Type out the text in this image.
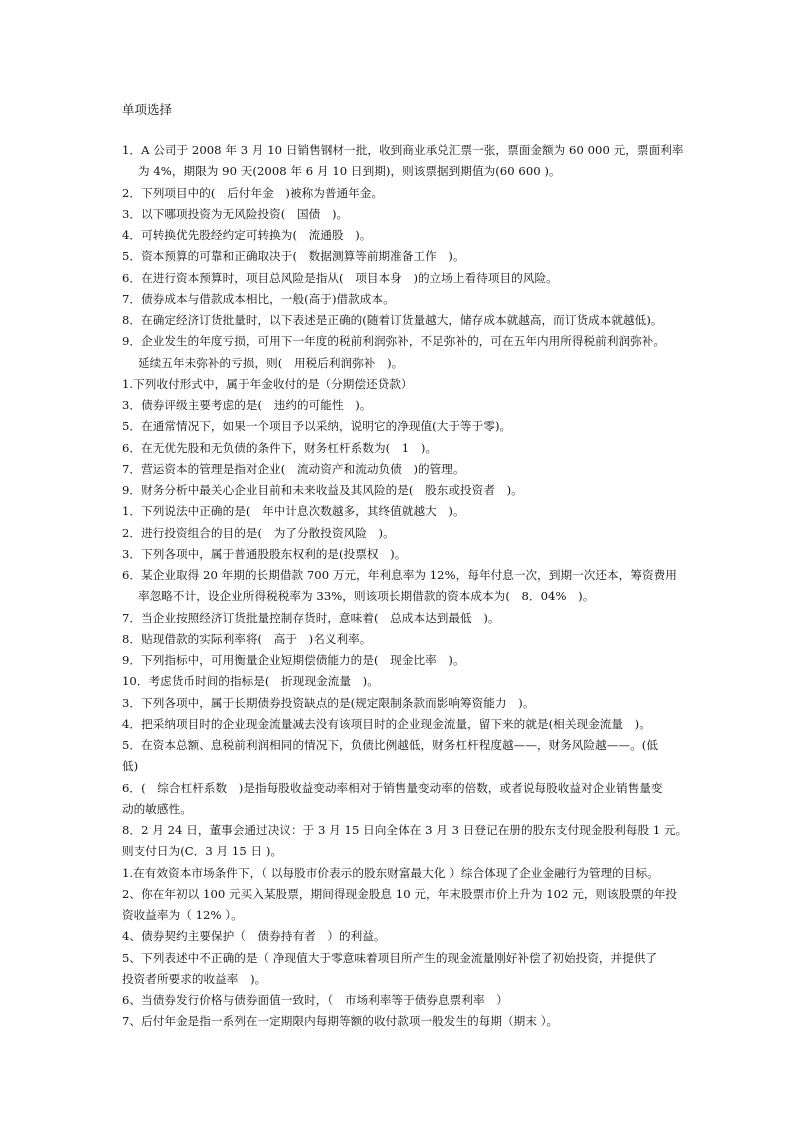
单项选择
1．A 公司于 2008 年 3 月 10 日销售钢材一批，收到商业承兑汇票一张，票面金额为 60 000 元，票面利率
为 4%，期限为 90 天(2008 年 6 月 10 日到期)，则该票据到期值为(60 600 )。
2．下列项目中的(　后付年金　)被称为普通年金。
3．以下哪项投资为无风险投资(　国债　)。
4．可转换优先股经约定可转换为(　流通股　)。
5．资本预算的可靠和正确取决于(　数据测算等前期准备工作　)。
6．在进行资本预算时，项目总风险是指从(　项目本身　)的立场上看待项目的风险。
7．债券成本与借款成本相比，一般(高于)借款成本。
8．在确定经济订货批量时，以下表述是正确的(随着订货量越大，储存成本就越高，而订货成本就越低)。
9．企业发生的年度亏损，可用下一年度的税前利润弥补，不足弥补的，可在五年内用所得税前利润弥补。
延续五年未弥补的亏损，则(　用税后利润弥补　)。
1.下列收付形式中，属于年金收付的是（分期偿还贷款）
3．债券评级主要考虑的是(　违约的可能性　)。
5．在通常情况下，如果一个项目予以采纳，说明它的净现值(大于等于零)。
6．在无优先股和无负债的条件下，财务杠杆系数为(　1　)。
7．营运资本的管理是指对企业(　流动资产和流动负债　)的管理。
9．财务分析中最关心企业目前和未来收益及其风险的是(　股东或投资者　)。
1．下列说法中正确的是(　年中计息次数越多，其终值就越大　)。
2．进行投资组合的目的是(　为了分散投资风险　)。
3．下列各项中，属于普通股股东权利的是(投票权　)。
6．某企业取得 20 年期的长期借款 700 万元，年利息率为 12%，每年付息一次，到期一次还本，筹资费用
率忽略不计，设企业所得税税率为 33%，则该项长期借款的资本成本为(　8．04%　)。
7．当企业按照经济订货批量控制存货时，意味着(　总成本达到最低　)。
8．贴现借款的实际利率将(　高于　)名义利率。
9．下列指标中，可用衡量企业短期偿债能力的是(　现金比率　)。
10．考虑货币时间的指标是(　折现现金流量　)。
3．下列各项中，属于长期债券投资缺点的是(规定限制条款而影响筹资能力　)。
4．把采纳项目时的企业现金流量减去没有该项目时的企业现金流量，留下来的就是(相关现金流量　)。
5．在资本总额、息税前利润相同的情况下，负债比例越低，财务杠杆程度越——，财务风险越——。(低
低)
6．(　综合杠杆系数　)是指每股收益变动率相对于销售量变动率的倍数，或者说每股收益对企业销售量变
动的敏感性。
8．2 月 24 日，董事会通过决议：于 3 月 15 日向全体在 3 月 3 日登记在册的股东支付现金股利每股 1 元。
则支付日为(C．3 月 15 日 )。
1.在有效资本市场条件下，（ 以每股市价表示的股东财富最大化 ）综合体现了企业金融行为管理的目标。
2、你在年初以 100 元买入某股票，期间得现金股息 10 元，年末股票市价上升为 102 元，则该股票的年投
资收益率为（ 12% ）。
4、债券契约主要保护（　债券持有者　）的利益。
5、下列表述中不正确的是（ 净现值大于零意味着项目所产生的现金流量刚好补偿了初始投资，并提供了
投资者所要求的收益率　)。
6、当债券发行价格与债券面值一致时，（　市场利率等于债券息票利率　）
7、后付年金是指一系列在一定期限内每期等额的收付款项一般发生的每期（期末 ）。
